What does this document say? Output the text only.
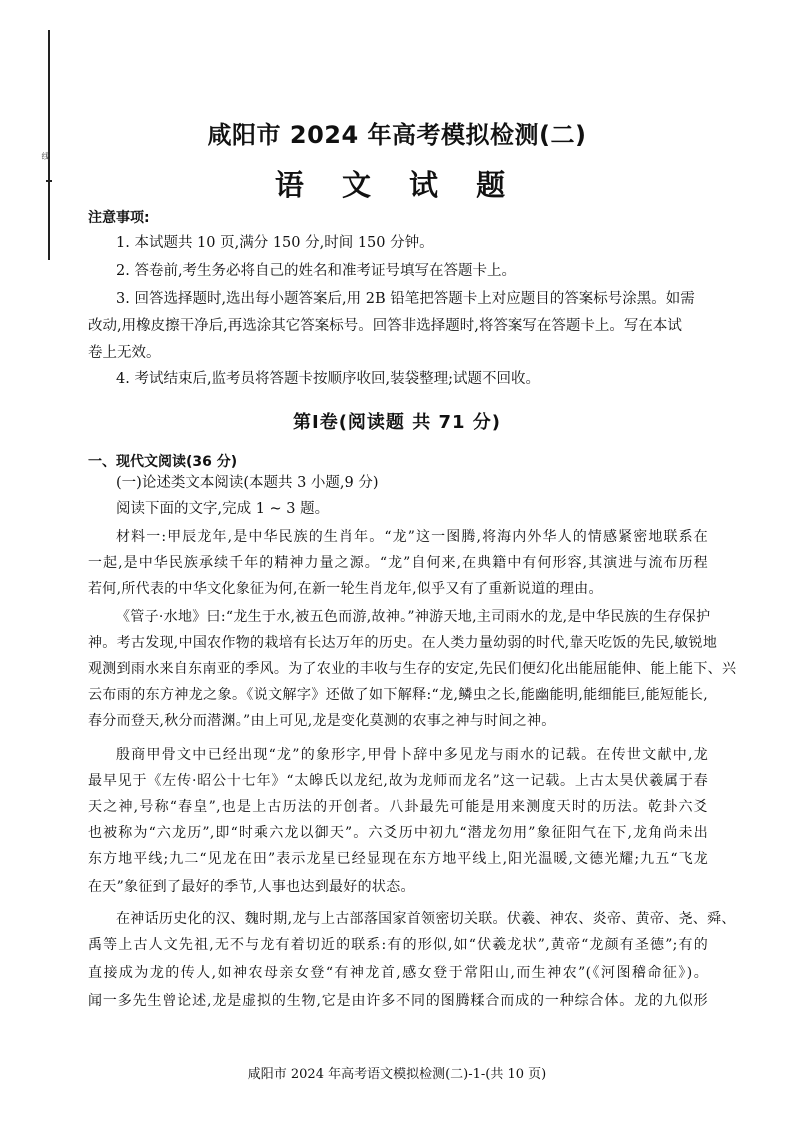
线
咸阳市 2024 年高考模拟检测(二)
语 文 试 题
注意事项:
1. 本试题共 10 页,满分 150 分,时间 150 分钟。
2. 答卷前,考生务必将自己的姓名和准考证号填写在答题卡上。
3. 回答选择题时,选出每小题答案后,用 2B 铅笔把答题卡上对应题目的答案标号涂黑。如需
改动,用橡皮擦干净后,再选涂其它答案标号。回答非选择题时,将答案写在答题卡上。写在本试
卷上无效。
4. 考试结束后,监考员将答题卡按顺序收回,装袋整理;试题不回收。
第Ⅰ卷(阅读题 共 71 分)
一、现代文阅读(36 分)
(一)论述类文本阅读(本题共 3 小题,9 分)
阅读下面的文字,完成 1 ~ 3 题。
材料一:甲辰龙年,是中华民族的生肖年。“龙”这一图腾,将海内外华人的情感紧密地联系在
一起,是中华民族承续千年的精神力量之源。“龙”自何来,在典籍中有何形容,其演进与流布历程
若何,所代表的中华文化象征为何,在新一轮生肖龙年,似乎又有了重新说道的理由。
《管子·水地》曰:“龙生于水,被五色而游,故神。”神游天地,主司雨水的龙,是中华民族的生存保护
神。考古发现,中国农作物的栽培有长达万年的历史。在人类力量幼弱的时代,靠天吃饭的先民,敏锐地
观测到雨水来自东南亚的季风。为了农业的丰收与生存的安定,先民们便幻化出能屈能伸、能上能下、兴
云布雨的东方神龙之象。《说文解字》还做了如下解释:“龙,鳞虫之长,能幽能明,能细能巨,能短能长,
春分而登天,秋分而潜渊。”由上可见,龙是变化莫测的农事之神与时间之神。
殷商甲骨文中已经出现“龙”的象形字,甲骨卜辞中多见龙与雨水的记载。在传世文献中,龙
最早见于《左传·昭公十七年》“太皞氏以龙纪,故为龙师而龙名”这一记载。上古太昊伏羲属于春
天之神,号称“春皇”,也是上古历法的开创者。八卦最先可能是用来测度天时的历法。乾卦六爻
也被称为“六龙历”,即“时乘六龙以御天”。六爻历中初九“潜龙勿用”象征阳气在下,龙角尚未出
东方地平线;九二“见龙在田”表示龙星已经显现在东方地平线上,阳光温暖,文德光耀;九五“飞龙
在天”象征到了最好的季节,人事也达到最好的状态。
在神话历史化的汉、魏时期,龙与上古部落国家首领密切关联。伏羲、神农、炎帝、黄帝、尧、舜、
禹等上古人文先祖,无不与龙有着切近的联系:有的形似,如“伏羲龙状”,黄帝“龙颜有圣德”;有的
直接成为龙的传人,如神农母亲女登“有神龙首,感女登于常阳山,而生神农”(《河图稽命征》)。
闻一多先生曾论述,龙是虚拟的生物,它是由许多不同的图腾糅合而成的一种综合体。龙的九似形
咸阳市 2024 年高考语文模拟检测(二)-1-(共 10 页)
